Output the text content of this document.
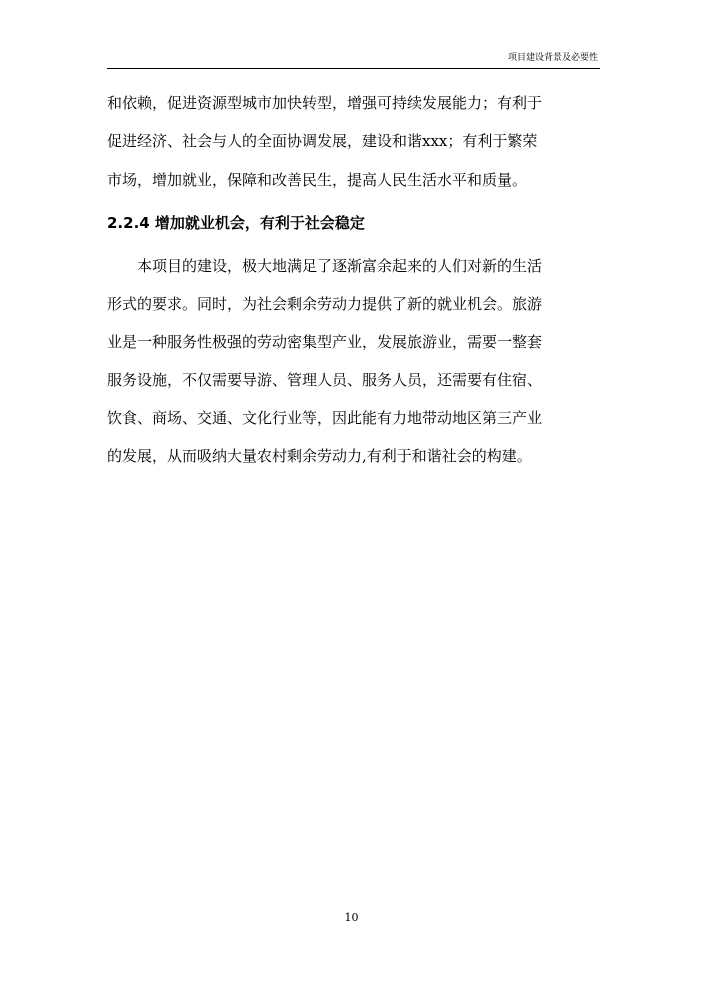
项目建设背景及必要性
和依赖，促进资源型城市加快转型，增强可持续发展能力；有利于
促进经济、社会与人的全面协调发展，建设和谐xxx；有利于繁荣
市场，增加就业，保障和改善民生，提高人民生活水平和质量。
2.2.4 增加就业机会，有利于社会稳定
本项目的建设，极大地满足了逐渐富余起来的人们对新的生活
形式的要求。同时，为社会剩余劳动力提供了新的就业机会。旅游
业是一种服务性极强的劳动密集型产业，发展旅游业，需要一整套
服务设施，不仅需要导游、管理人员、服务人员，还需要有住宿、
饮食、商场、交通、文化行业等，因此能有力地带动地区第三产业
的发展，从而吸纳大量农村剩余劳动力,有利于和谐社会的构建。
10
